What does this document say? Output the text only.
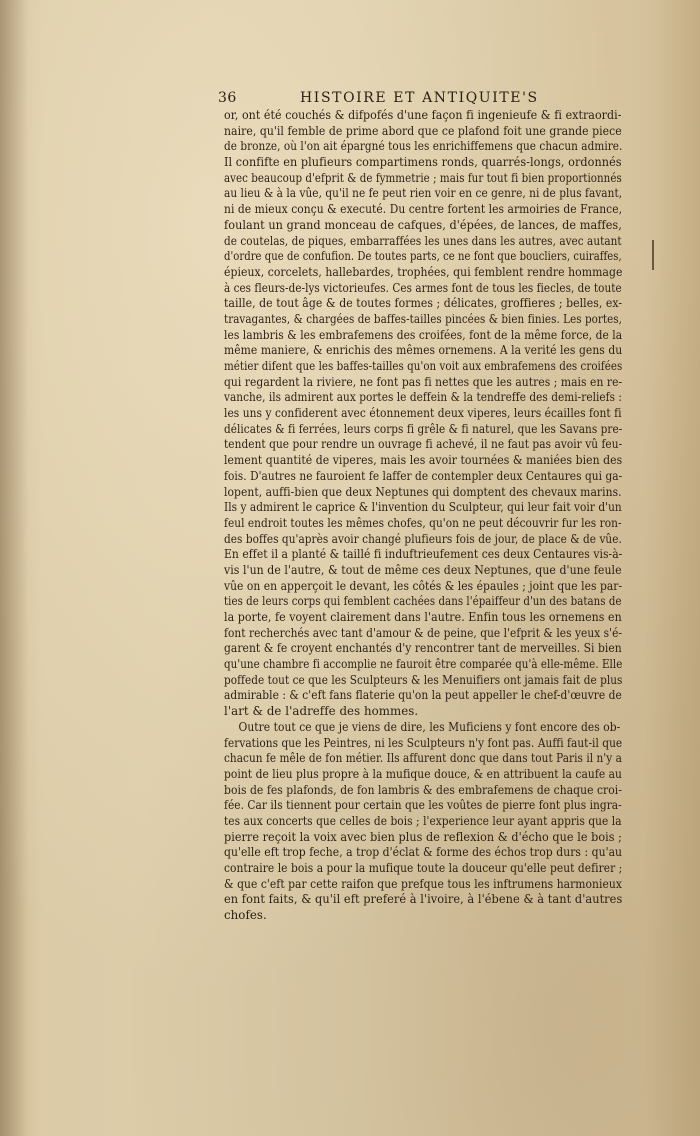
36	HISTOIRE ET ANTIQUITE'S
or, ont été couchés & difpofés d'une façon fi ingenieufe & fi extraordi-
naire, qu'il femble de prime abord que ce plafond foit une grande piece
de bronze, où l'on ait épargné tous les enrichiffemens que chacun admire.
Il confifte en plufieurs compartimens ronds, quarrés-longs, ordonnés
avec beaucoup d'efprit & de fymmetrie ; mais fur tout fi bien proportionnés
au lieu & à la vûe, qu'il ne fe peut rien voir en ce genre, ni de plus favant,
ni de mieux conçu & executé. Du centre fortent les armoiries de France,
foulant un grand monceau de cafques, d'épées, de lances, de maffes,
de coutelas, de piques, embarraffées les unes dans les autres, avec autant
d'ordre que de confufion. De toutes parts, ce ne font que boucliers, cuiraffes,
épieux, corcelets, hallebardes, trophées, qui femblent rendre hommage
à ces fleurs-de-lys victorieufes. Ces armes font de tous les fiecles, de toute
taille, de tout âge & de toutes formes ; délicates, groffieres ; belles, ex-
travagantes, & chargées de baffes-tailles pincées & bien finies. Les portes,
les lambris & les embrafemens des croifées, font de la même force, de la
même maniere, & enrichis des mêmes ornemens. A la verité les gens du
métier difent que les baffes-tailles qu'on voit aux embrafemens des croifées
qui regardent la riviere, ne font pas fi nettes que les autres ; mais en re-
vanche, ils admirent aux portes le deffein & la tendreffe des demi-reliefs :
les uns y confiderent avec étonnement deux viperes, leurs écailles font fi
délicates & fi ferrées, leurs corps fi grêle & fi naturel, que les Savans pre-
tendent que pour rendre un ouvrage fi achevé, il ne faut pas avoir vû feu-
lement quantité de viperes, mais les avoir tournées & maniées bien des
fois. D'autres ne fauroient fe laffer de contempler deux Centaures qui ga-
lopent, auffi-bien que deux Neptunes qui domptent des chevaux marins.
Ils y admirent le caprice & l'invention du Sculpteur, qui leur fait voir d'un
feul endroit toutes les mêmes chofes, qu'on ne peut découvrir fur les ron-
des boffes qu'après avoir changé plufieurs fois de jour, de place & de vûe.
En effet il a planté & taillé fi induftrieufement ces deux Centaures vis-à-
vis l'un de l'autre, & tout de même ces deux Neptunes, que d'une feule
vûe on en apperçoit le devant, les côtés & les épaules ; joint que les par-
ties de leurs corps qui femblent cachées dans l'épaiffeur d'un des batans de
la porte, fe voyent clairement dans l'autre. Enfin tous les ornemens en
font recherchés avec tant d'amour & de peine, que l'efprit & les yeux s'é-
garent & fe croyent enchantés d'y rencontrer tant de merveilles. Si bien
qu'une chambre fi accomplie ne fauroit être comparée qu'à elle-même. Elle
poffede tout ce que les Sculpteurs & les Menuifiers ont jamais fait de plus
admirable : & c'eft fans flaterie qu'on la peut appeller le chef-d'œuvre de
l'art & de l'adreffe des hommes.
Outre tout ce que je viens de dire, les Muficiens y font encore des ob-
fervations que les Peintres, ni les Sculpteurs n'y font pas. Auffi faut-il que
chacun fe mêle de fon métier. Ils affurent donc que dans tout Paris il n'y a
point de lieu plus propre à la mufique douce, & en attribuent la caufe au
bois de fes plafonds, de fon lambris & des embrafemens de chaque croi-
fée. Car ils tiennent pour certain que les voûtes de pierre font plus ingra-
tes aux concerts que celles de bois ; l'experience leur ayant appris que la
pierre reçoit la voix avec bien plus de reflexion & d'écho que le bois ;
qu'elle eft trop feche, a trop d'éclat & forme des échos trop durs : qu'au
contraire le bois a pour la mufique toute la douceur qu'elle peut defirer ;
& que c'eft par cette raifon que prefque tous les inftrumens harmonieux
en font faits, & qu'il eft preferé à l'ivoire, à l'ébene & à tant d'autres
chofes.
